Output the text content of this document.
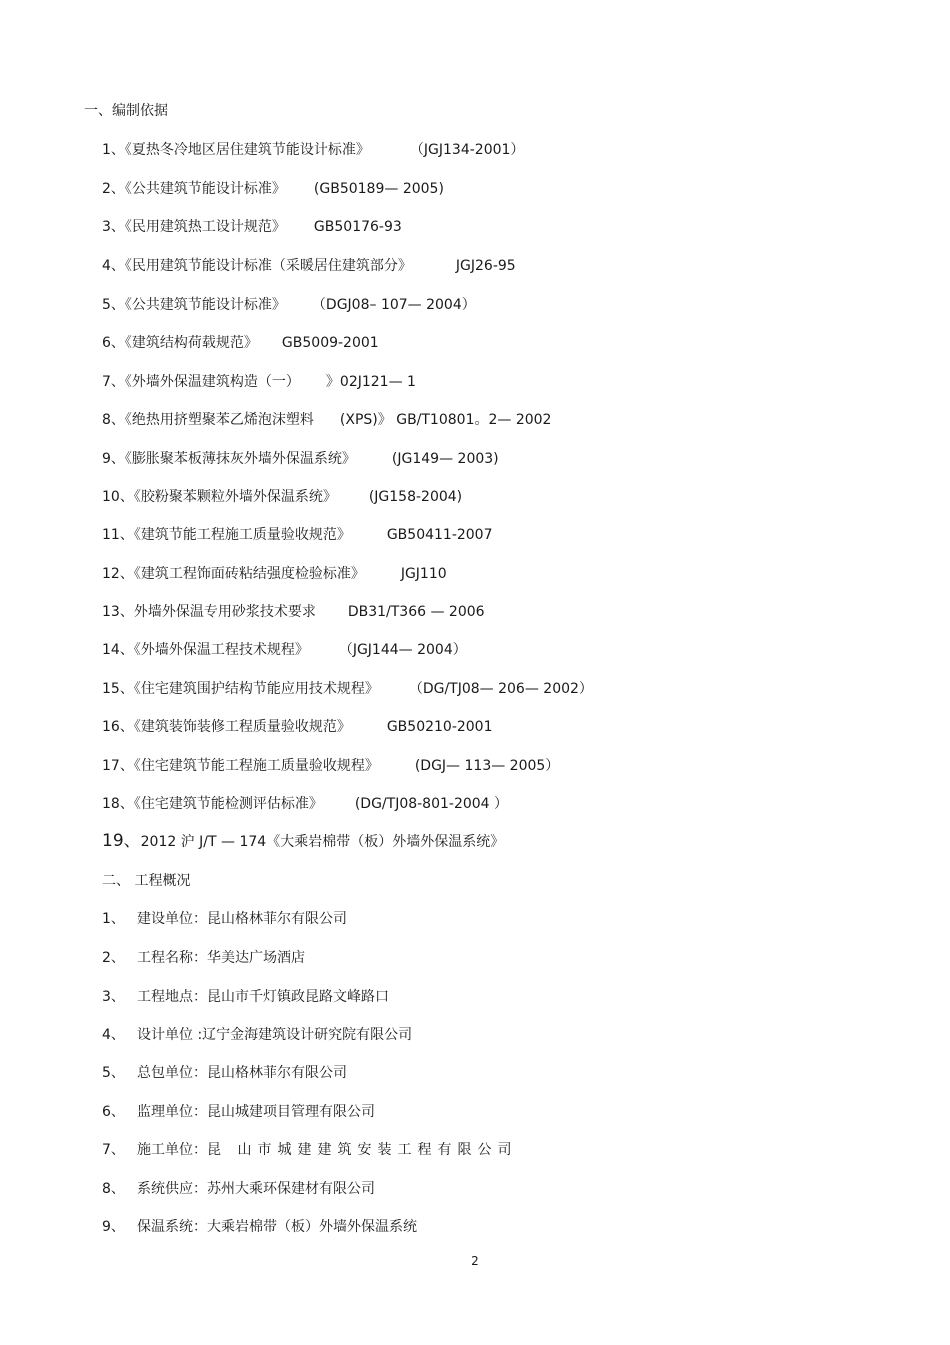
一、编制依据
1、《夏热冬冷地区居住建筑节能设计标准》	（JGJ134-2001）
2、《公共建筑节能设计标准》 (GB50189— 2005)
3、《民用建筑热工设计规范》 GB50176-93
4、《民用建筑节能设计标准（采暖居住建筑部分》	JGJ26-95
5、《公共建筑节能设计标准》 （DGJ08– 107— 2004）
6、《建筑结构荷载规范》 GB5009-2001
7、《外墙外保温建筑构造（一） 》02J121— 1
8、《绝热用挤塑聚苯乙烯泡沫塑料 (XPS)》 GB/T10801。2— 2002
9、《膨胀聚苯板薄抹灰外墙外保温系统》	(JG149— 2003)
10、《胶粉聚苯颗粒外墙外保温系统》 (JG158-2004)
11、《建筑节能工程施工质量验收规范》	GB50411-2007
12、《建筑工程饰面砖粘结强度检验标准》	JGJ110
13、外墙外保温专用砂浆技术要求 DB31/T366 — 2006
14、《外墙外保温工程技术规程》 （JGJ144— 2004）
15、《住宅建筑围护结构节能应用技术规程》 （DG/TJ08— 206— 2002）
16、《建筑装饰装修工程质量验收规范》	GB50210-2001
17、《住宅建筑节能工程施工质量验收规程》	(DGJ— 113— 2005）
18、《住宅建筑节能检测评估标准》 (DG/TJ08-801-2004 ）
19、2012 沪 J/T — 174《大乘岩棉带（板）外墙外保温系统》
二、 工程概况
1、 建设单位：昆山格林菲尔有限公司
2、 工程名称：华美达广场酒店
3、 工程地点：昆山市千灯镇政昆路文峰路口
4、 设计单位 :辽宁金海建筑设计研究院有限公司
5、 总包单位：昆山格林菲尔有限公司
6、 监理单位：昆山城建项目管理有限公司
7、 施工单位：昆 山市城建建筑安装工程有限公司
8、 系统供应：苏州大乘环保建材有限公司
9、 保温系统：大乘岩棉带（板）外墙外保温系统
2
